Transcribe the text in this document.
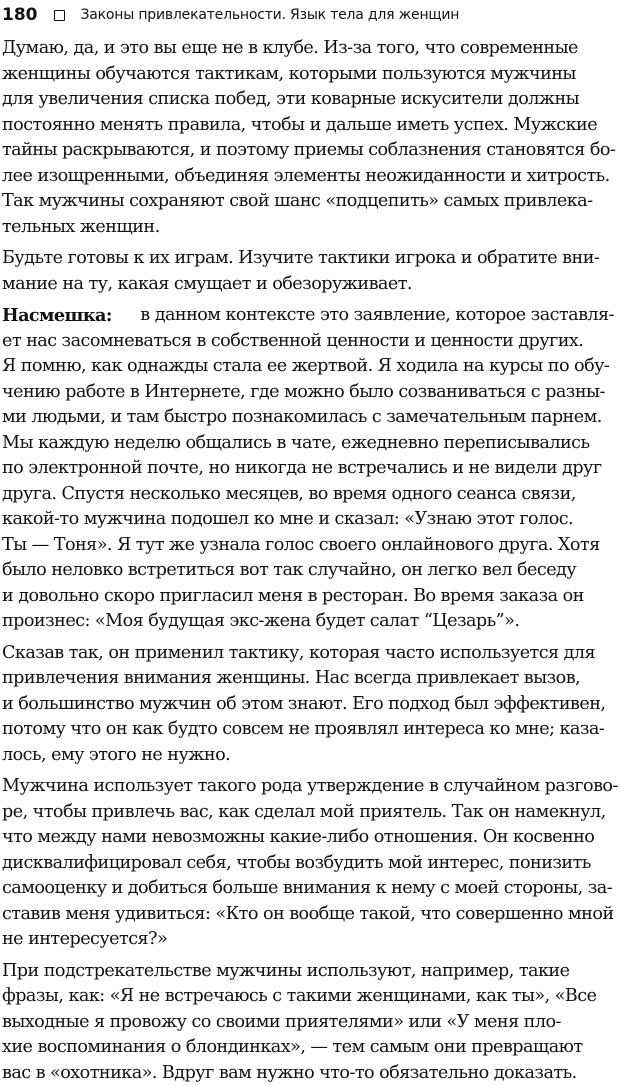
180	Законы привлекательности. Язык тела для женщин
Думаю, да, и это вы еще не в клубе. Из-за того, что современные
женщины обучаются тактикам, которыми пользуются мужчины
для увеличения списка побед, эти коварные искусители должны
постоянно менять правила, чтобы и дальше иметь успех. Мужские
тайны раскрываются, и поэтому приемы соблазнения становятся бо-
лее изощренными, объединяя элементы неожиданности и хитрость.
Так мужчины сохраняют свой шанс «подцепить» самых привлека-
тельных женщин.
Будьте готовы к их играм. Изучите тактики игрока и обратите вни-
мание на ту, какая смущает и обезоруживает.
Насмешка: в данном контексте это заявление, которое заставля-
ет нас засомневаться в собственной ценности и ценности других.
Я помню, как однажды стала ее жертвой. Я ходила на курсы по обу-
чению работе в Интернете, где можно было созваниваться с разны-
ми людьми, и там быстро познакомилась с замечательным парнем.
Мы каждую неделю общались в чате, ежедневно переписывались
по электронной почте, но никогда не встречались и не видели друг
друга. Спустя несколько месяцев, во время одного сеанса связи,
какой-то мужчина подошел ко мне и сказал: «Узнаю этот голос.
Ты — Тоня». Я тут же узнала голос своего онлайнового друга. Хотя
было неловко встретиться вот так случайно, он легко вел беседу
и довольно скоро пригласил меня в ресторан. Во время заказа он
произнес: «Моя будущая экс-жена будет салат “Цезарь”».
Сказав так, он применил тактику, которая часто используется для
привлечения внимания женщины. Нас всегда привлекает вызов,
и большинство мужчин об этом знают. Его подход был эффективен,
потому что он как будто совсем не проявлял интереса ко мне; каза-
лось, ему этого не нужно.
Мужчина использует такого рода утверждение в случайном разгово-
ре, чтобы привлечь вас, как сделал мой приятель. Так он намекнул,
что между нами невозможны какие-либо отношения. Он косвенно
дисквалифицировал себя, чтобы возбудить мой интерес, понизить
самооценку и добиться больше внимания к нему с моей стороны, за-
ставив меня удивиться: «Кто он вообще такой, что совершенно мной
не интересуется?»
При подстрекательстве мужчины используют, например, такие
фразы, как: «Я не встречаюсь с такими женщинами, как ты», «Все
выходные я провожу со своими приятелями» или «У меня пло-
хие воспоминания о блондинках», — тем самым они превращают
вас в «охотника». Вдруг вам нужно что-то обязательно доказать.
